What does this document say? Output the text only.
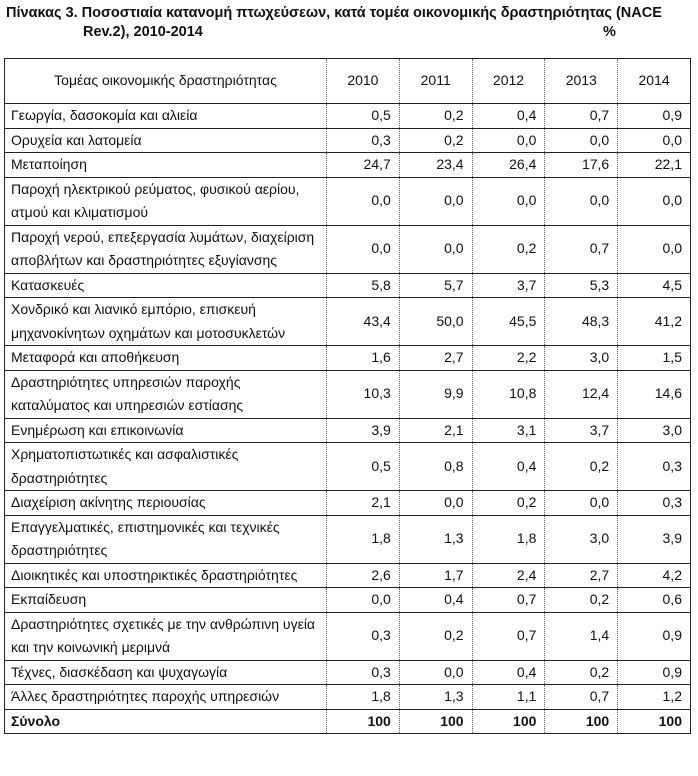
Πίνακας 3. Ποσοστιαία κατανομή πτωχεύσεων, κατά τομέα οικονομικής δραστηριότητας (NACE
Rev.2), 2010-2014	%
Τομέας οικονομικής δραστηριότητας	2010	2011	2012	2013	2014
Γεωργία, δασοκομία και αλιεία	0,5	0,2	0,4	0,7	0,9
Ορυχεία και λατομεία	0,3	0,2	0,0	0,0	0,0
Μεταποίηση	24,7	23,4	26,4	17,6	22,1
Παροχή ηλεκτρικού ρεύματος, φυσικού αερίου, ατμού και κλιματισμού	0,0	0,0	0,0	0,0	0,0
Παροχή νερού, επεξεργασία λυμάτων, διαχείριση αποβλήτων και δραστηριότητες εξυγίανσης	0,0	0,0	0,2	0,7	0,0
Κατασκευές	5,8	5,7	3,7	5,3	4,5
Χονδρικό και λιανικό εμπόριο, επισκευή μηχανοκίνητων οχημάτων και μοτοσυκλετών	43,4	50,0	45,5	48,3	41,2
Μεταφορά και αποθήκευση	1,6	2,7	2,2	3,0	1,5
Δραστηριότητες υπηρεσιών παροχής καταλύματος και υπηρεσιών εστίασης	10,3	9,9	10,8	12,4	14,6
Ενημέρωση και επικοινωνία	3,9	2,1	3,1	3,7	3,0
Χρηματοπιστωτικές και ασφαλιστικές δραστηριότητες	0,5	0,8	0,4	0,2	0,3
Διαχείριση ακίνητης περιουσίας	2,1	0,0	0,2	0,0	0,3
Επαγγελματικές, επιστημονικές και τεχνικές δραστηριότητες	1,8	1,3	1,8	3,0	3,9
Διοικητικές και υποστηρικτικές δραστηριότητες	2,6	1,7	2,4	2,7	4,2
Εκπαίδευση	0,0	0,4	0,7	0,2	0,6
Δραστηριότητες σχετικές με την ανθρώπινη υγεία και την κοινωνική μεριμνά	0,3	0,2	0,7	1,4	0,9
Τέχνες, διασκέδαση και ψυχαγωγία	0,3	0,0	0,4	0,2	0,9
Άλλες δραστηριότητες παροχής υπηρεσιών	1,8	1,3	1,1	0,7	1,2
Σύνολο	100	100	100	100	100
